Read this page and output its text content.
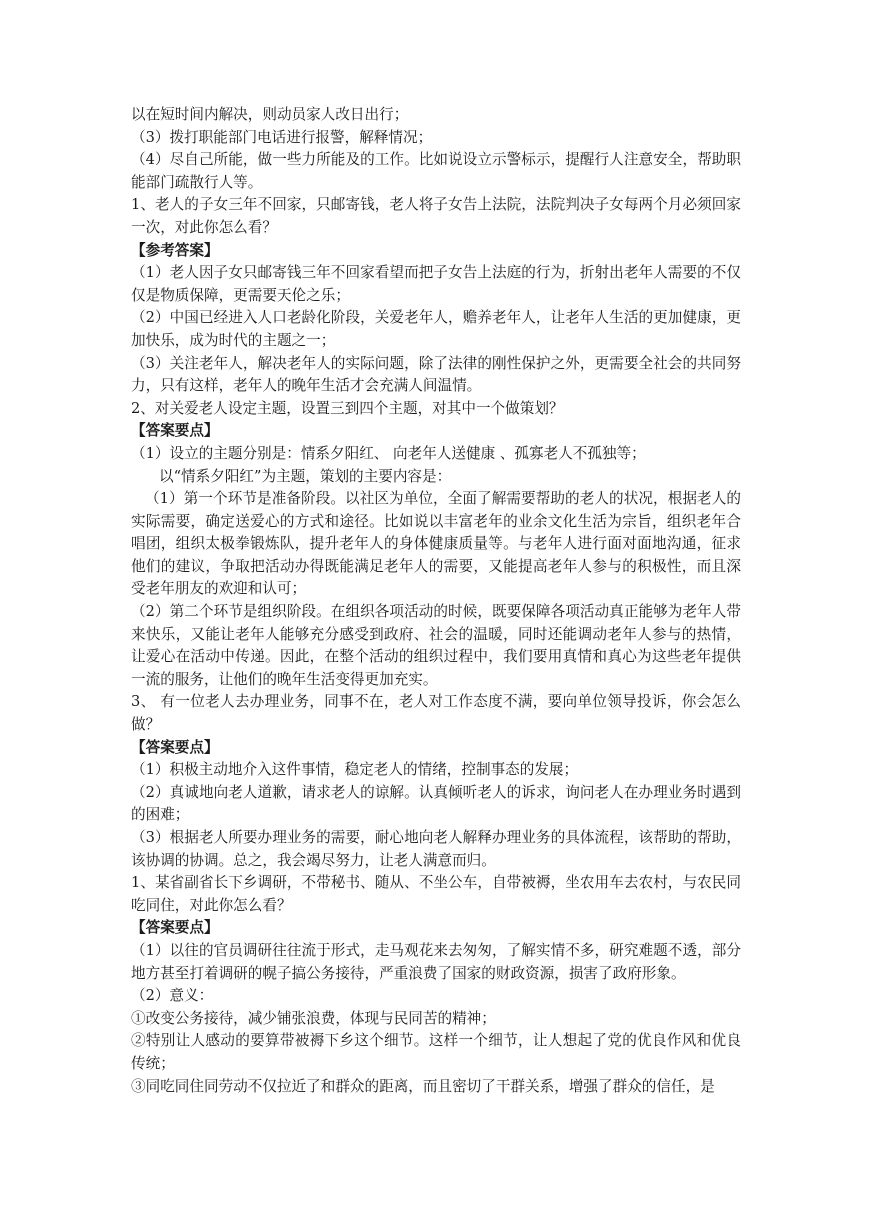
以在短时间内解决，则动员家人改日出行；

（3）拨打职能部门电话进行报警，解释情况；

（4）尽自己所能，做一些力所能及的工作。比如说设立示警标示，提醒行人注意安全，帮助职能部门疏散行人等。

1、老人的子女三年不回家，只邮寄钱，老人将子女告上法院，法院判决子女每两个月必须回家一次，对此你怎么看？

【参考答案】

（1）老人因子女只邮寄钱三年不回家看望而把子女告上法庭的行为，折射出老年人需要的不仅仅是物质保障，更需要天伦之乐；

（2）中国已经进入人口老龄化阶段，关爱老年人，赡养老年人，让老年人生活的更加健康，更加快乐，成为时代的主题之一；

（3）关注老年人，解决老年人的实际问题，除了法律的刚性保护之外，更需要全社会的共同努力，只有这样，老年人的晚年生活才会充满人间温情。

2、对关爱老人设定主题，设置三到四个主题，对其中一个做策划？

【答案要点】

（1）设立的主题分别是：情系夕阳红、 向老年人送健康 、孤寡老人不孤独等；

以“情系夕阳红”为主题，策划的主要内容是：

（1）第一个环节是准备阶段。以社区为单位，全面了解需要帮助的老人的状况，根据老人的实际需要，确定送爱心的方式和途径。比如说以丰富老年的业余文化生活为宗旨，组织老年合唱团，组织太极拳锻炼队，提升老年人的身体健康质量等。与老年人进行面对面地沟通，征求他们的建议，争取把活动办得既能满足老年人的需要，又能提高老年人参与的积极性，而且深受老年朋友的欢迎和认可；

（2）第二个环节是组织阶段。在组织各项活动的时候，既要保障各项活动真正能够为老年人带来快乐，又能让老年人能够充分感受到政府、社会的温暖，同时还能调动老年人参与的热情，让爱心在活动中传递。因此，在整个活动的组织过程中，我们要用真情和真心为这些老年提供一流的服务，让他们的晚年生活变得更加充实。

3、 有一位老人去办理业务，同事不在，老人对工作态度不满，要向单位领导投诉，你会怎么做？

【答案要点】

（1）积极主动地介入这件事情，稳定老人的情绪，控制事态的发展；

（2）真诚地向老人道歉，请求老人的谅解。认真倾听老人的诉求，询问老人在办理业务时遇到的困难；

（3）根据老人所要办理业务的需要，耐心地向老人解释办理业务的具体流程，该帮助的帮助，该协调的协调。总之，我会竭尽努力，让老人满意而归。

1、某省副省长下乡调研，不带秘书、随从、不坐公车，自带被褥，坐农用车去农村，与农民同吃同住，对此你怎么看？

【答案要点】

（1）以往的官员调研往往流于形式，走马观花来去匆匆，了解实情不多，研究难题不透，部分地方甚至打着调研的幌子搞公务接待，严重浪费了国家的财政资源，损害了政府形象。

（2）意义：

①改变公务接待，减少铺张浪费，体现与民同苦的精神；

②特别让人感动的要算带被褥下乡这个细节。这样一个细节，让人想起了党的优良作风和优良传统；

③同吃同住同劳动不仅拉近了和群众的距离，而且密切了干群关系，增强了群众的信任，是
